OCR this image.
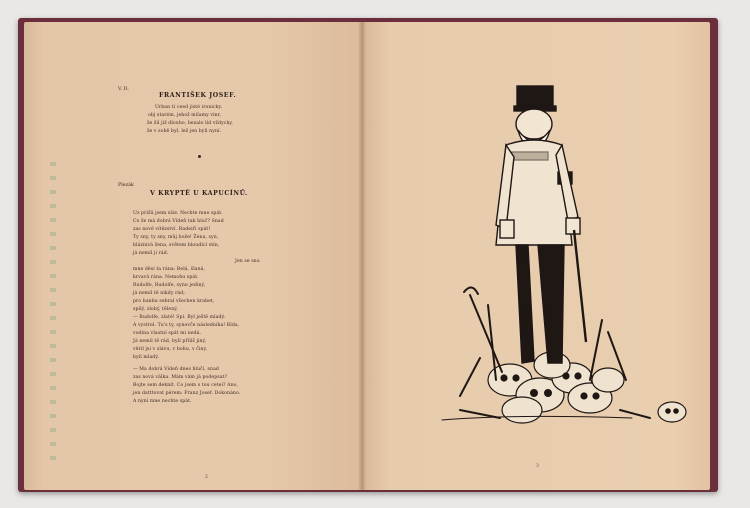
V. D.
FRANTIŠEK JOSEF.
Urban ti ceed jisté ironicky.
obj starém, jehož milamy vinr,
že žil již dlouho, bezalo lid vždycky,
že v sobě byl, lež jen byli nyní.
Plezák
V KRYPTĚ U KAPUCÍNŮ.
Uz prišli jsem sláv. Nechte mne spát.
Co že má dobrá Vídeň tak hluč? Snad
zas nové vítězství. Radeiří spát!
Ty sny, ty sny, můj bože! Žena, syn,
bláznivá žena, světem bloudící stín,
já nemíl ji rád.
Jen se snu
mne děsí ta rána: Belá, šlaná,
krvavá rána. Nemohu spát.
Rudolfe, Rudolfe, synu jediný,
já nemíl tě nikdy rád;
pro hanbu sebral všechen krabet,
spilý, zlobý, tělený,
— Rudolfe, zlaté! Spí. Byl ještě mladý.
A vystrel. Tu's ty, synovče následníka! Bída,
vodina vlastní spát mi nedá.
Já nemíl tě rád, bylí příliš jiný,
věril jsi v slávu, v bohu, v činy,
bylí mladý.
— Ma dobrá Vídeň dnes hluči, snad
zas nová válka. Mám vám já podepsat?
Bojte sem deknít. Co jsem s tou cetei? Ano,
jen datttovat pérem: Franz Josef. Dokonáno.
A nyní mne nechte spát.
2
3
